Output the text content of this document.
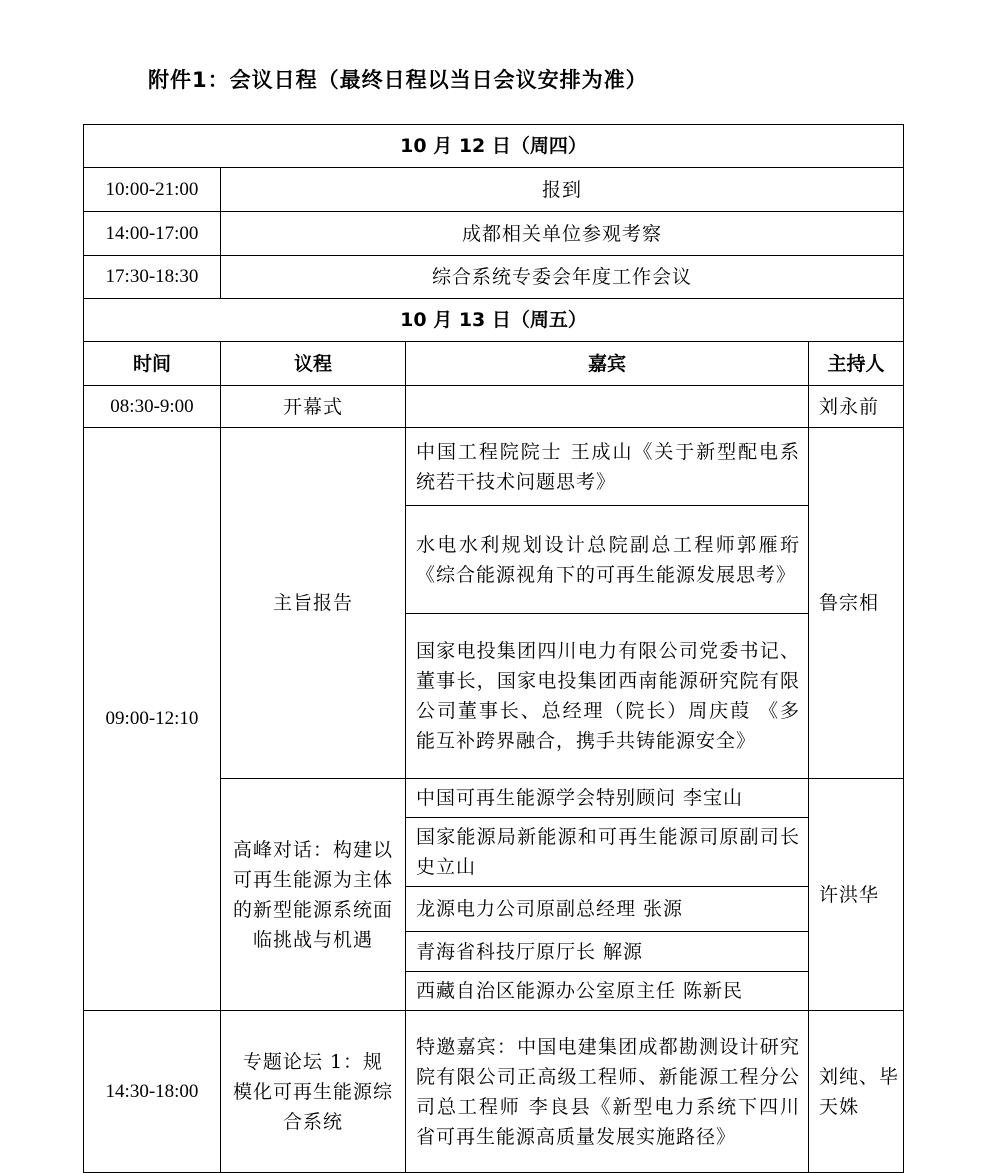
附件1：会议日程（最终日程以当日会议安排为准）
10 月 12 日（周四）			
10:00-21:00	报到		
14:00-17:00	成都相关单位参观考察		
17:30-18:30	综合系统专委会年度工作会议		
10 月 13 日（周五）			
时间	议程	嘉宾	主持人
08:30-9:00	开幕式		刘永前
09:00-12:10	主旨报告	中国工程院院士 王成山《关于新型配电系统若干技术问题思考》	鲁宗相
		水电水利规划设计总院副总工程师郭雁珩 《综合能源视角下的可再生能源发展思考》	
		国家电投集团四川电力有限公司党委书记、董事长，国家电投集团西南能源研究院有限公司董事长、总经理（院长）周庆葭 《多能互补跨界融合，携手共铸能源安全》	
	高峰对话：构建以可再生能源为主体的新型能源系统面临挑战与机遇	中国可再生能源学会特别顾问 李宝山	许洪华
		国家能源局新能源和可再生能源司原副司长 史立山	
		龙源电力公司原副总经理 张源	
		青海省科技厅原厅长 解源	
		西藏自治区能源办公室原主任 陈新民	
14:30-18:00	专题论坛 1：规模化可再生能源综合系统	特邀嘉宾：中国电建集团成都勘测设计研究院有限公司正高级工程师、新能源工程分公司总工程师 李良县《新型电力系统下四川省可再生能源高质量发展实施路径》	刘纯、毕天姝
